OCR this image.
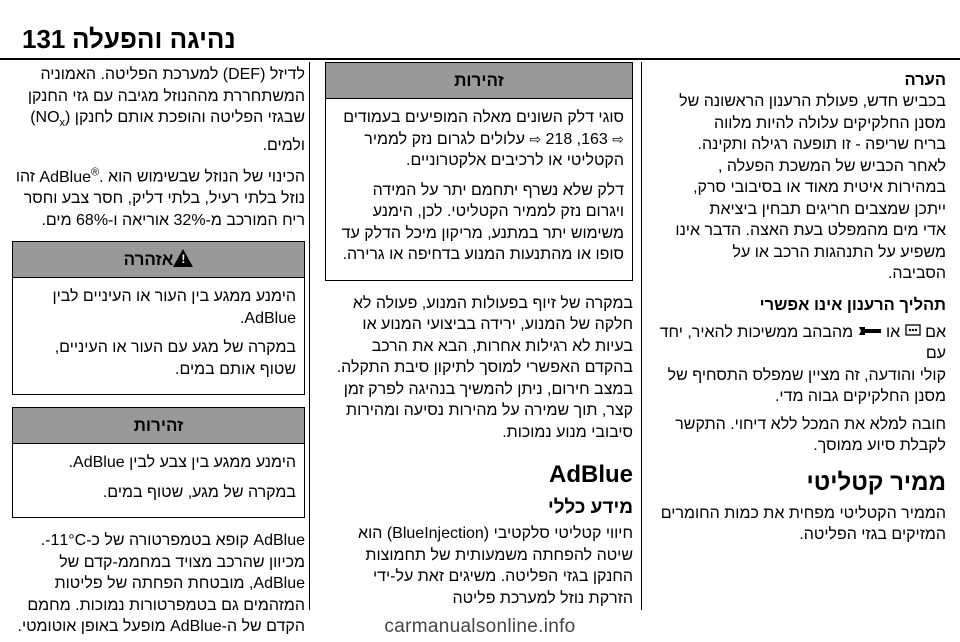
131 נהיגה והפעלה
הערה
בכביש חדש, פעולת הרענון הראשונה של
מסנן החלקיקים עלולה להיות מלווה
בריח שריפה - זו תופעה רגילה ותקינה.
לאחר הכביש של המשכת הפעלה ,
במהירות איטית מאוד או בסיבובי סרק,
ייתכן שמצבים חריגים תבחין ביציאת
אדי מים מהמפלט בעת האצה. הדבר אינו
משפיע על התנהגות הרכב או על
הסביבה.
תהליך הרענון אינו אפשרי
אם  או  מהבהב ממשיכות להאיר, יחד עם
קולי והודעה, זה מציין שמפלס התסחיף של
מסנן החלקיקים גבוה מדי.
חובה למלא את המכל ללא דיחוי. התקשר לקבלת סיוע ממוסך.
ממיר קטליטי
הממיר הקטליטי מפחית את כמות החומרים המזיקים בגזי הפליטה.
זהירות

סוגי דלק השונים מאלה המופיעים בעמודים ⇨ 218 ,163 ⇨ עלולים לגרום נזק לממיר הקטליטי או לרכיבים אלקטרוניים.

דלק שלא נשרף יתחמם יתר על המידה ויגרום נזק לממיר הקטליטי. לכן, הימנע משימוש יתר במתנע, מריקון מיכל הדלק עד סופו או מהתנעות המנוע בדחיפה או גרירה.

במקרה של זיוף בפעולות המנוע, פעולה לא חלקה של המנוע, ירידה בביצועי המנוע או בעיות לא רגילות אחרות, הבא את הרכב בהקדם האפשרי למוסך לתיקון סיבת התקלה. במצב חירום, ניתן להמשיך בנהיגה לפרק זמן קצר, תוך שמירה על מהירות נסיעה ומהירות סיבובי מנוע נמוכות.
AdBlue
מידע כללי
חיווי קטליטי סלקטיבי (BlueInjection) הוא שיטה להפחתה משמעותית של תחמוצות החנקן בגזי הפליטה. משיגים זאת על-ידי הזרקת נוזל למערכת פליטה
לדיזל (DEF) למערכת הפליטה. האמוניה
המשתחררת מההנוזל מגיבה עם גזי החנקן
שבגזי הפליטה והופכת אותם לחנקן $(NO_x)$
ולמים.
הכינוי של הנוזל שבשימוש הוא AdBlue®. זהו נוזל בלתי רעיל, בלתי דליק, חסר צבע וחסר ריח המורכב מ-32% אוריאה ו-68% מים.
!אזהרה

הימנע ממגע בין העור או העיניים לבין AdBlue.

במקרה של מגע עם העור או העיניים, שטוף אותם במים.

זהירות

הימנע ממגע בין צבע לבין AdBlue.

במקרה של מגע, שטוף במים.

AdBlue קופא בטמפרטורה של כ-11°C-. מכיוון שהרכב מצויד במחממ-קדם של AdBlue, מובטחת הפחתה של פליטות המזהמים גם בטמפרטורות נמוכות. מחמם הקדם של ה-AdBlue מופעל באופן אוטומטי.	carmanualsonline.info
